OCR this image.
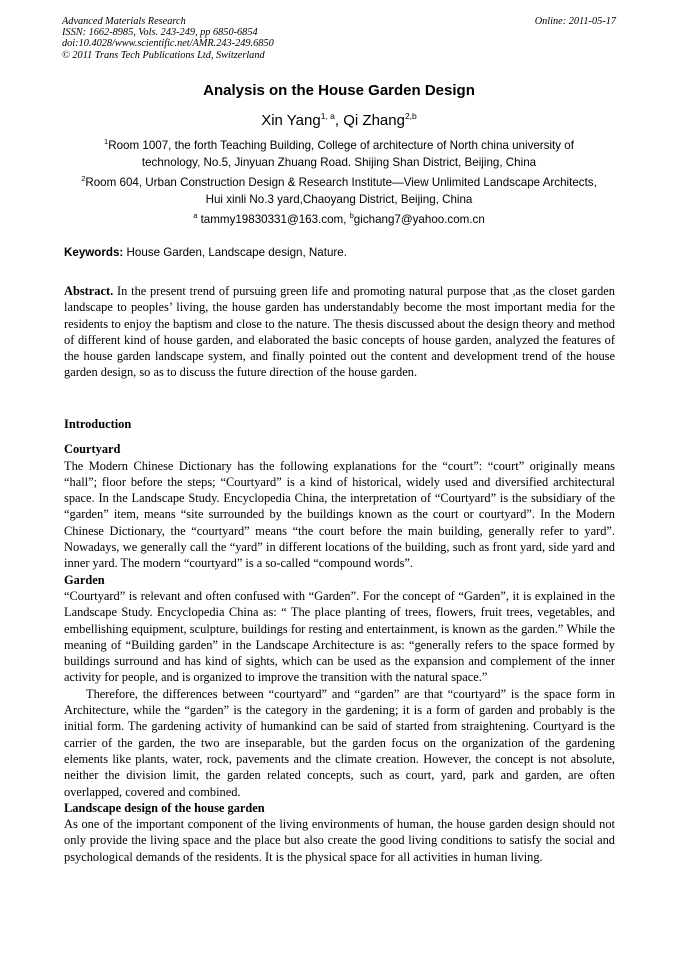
Advanced Materials Research
ISSN: 1662-8985, Vols. 243-249, pp 6850-6854
doi:10.4028/www.scientific.net/AMR.243-249.6850
© 2011 Trans Tech Publications Ltd, Switzerland
Online: 2011-05-17
Analysis on the House Garden Design
Xin Yang$^{1, a}$, Qi Zhang$^{2,b}$
$^1$Room 1007, the forth Teaching Building, College of architecture of North china university of
technology, No.5, Jinyuan Zhuang Road. Shijing Shan District, Beijing, China
$^2$Room 604, Urban Construction Design & Research Institute—View Unlimited Landscape Architects,
Hui xinli No.3 yard,Chaoyang District, Beijing, China
$^a$ tammy19830331@163.com, $^b$gichang7@yahoo.com.cn
Keywords: House Garden, Landscape design, Nature.
Abstract. In the present trend of pursuing green life and promoting natural purpose that ,as the closet garden landscape to peoples’ living, the house garden has understandably become the most important media for the residents to enjoy the baptism and close to the nature. The thesis discussed about the design theory and method of different kind of house garden, and elaborated the basic concepts of house garden, analyzed the features of the house garden landscape system, and finally pointed out the content and development trend of the house garden design, so as to discuss the future direction of the house garden.

Introduction

Courtyard

The Modern Chinese Dictionary has the following explanations for the “court”: “court” originally means “hall”; floor before the steps; “Courtyard” is a kind of historical, widely used and diversified architectural space. In the Landscape Study. Encyclopedia China, the interpretation of “Courtyard” is the subsidiary of the “garden” item, means “site surrounded by the buildings known as the court or courtyard”. In the Modern Chinese Dictionary, the “courtyard” means “the court before the main building, generally refer to yard”. Nowadays, we generally call the “yard” in different locations of the building, such as front yard, side yard and inner yard. The modern “courtyard” is a so-called “compound words”.

Garden

“Courtyard” is relevant and often confused with “Garden”. For the concept of “Garden”, it is explained in the Landscape Study. Encyclopedia China as: “ The place planting of trees, flowers, fruit trees, vegetables, and embellishing equipment, sculpture, buildings for resting and entertainment, is known as the garden.” While the meaning of “Building garden” in the Landscape Architecture is as: “generally refers to the space formed by buildings surround and has kind of sights, which can be used as the expansion and complement of the inner activity for people, and is organized to improve the transition with the natural space.”

Therefore, the differences between “courtyard” and “garden” are that “courtyard” is the space form in Architecture, while the “garden” is the category in the gardening; it is a form of garden and probably is the initial form. The gardening activity of humankind can be said of started from straightening. Courtyard is the carrier of the garden, the two are inseparable, but the garden focus on the organization of the gardening elements like plants, water, rock, pavements and the climate creation. However, the concept is not absolute, neither the division limit, the garden related concepts, such as court, yard, park and garden, are often overlapped, covered and combined.

Landscape design of the house garden

As one of the important component of the living environments of human, the house garden design should not only provide the living space and the place but also create the good living conditions to satisfy the social and psychological demands of the residents. It is the physical space for all activities in human living.
